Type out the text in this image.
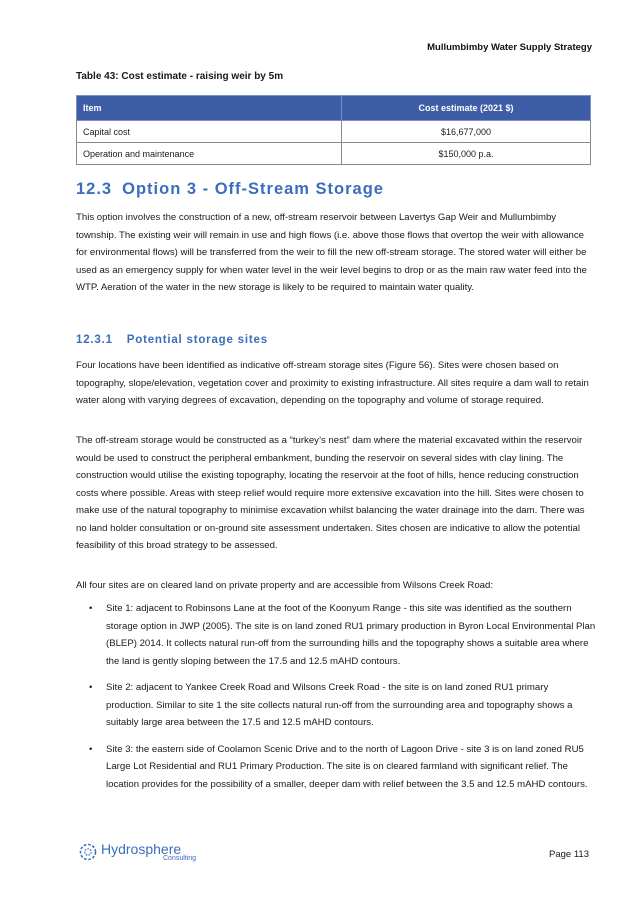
Mullumbimby Water Supply Strategy
Table 43: Cost estimate - raising weir by 5m
Item	Cost estimate (2021 $)
Capital cost	$16,677,000
Operation and maintenance	$150,000 p.a.
12.3 Option 3 - Off-Stream Storage

This option involves the construction of a new, off-stream reservoir between Lavertys Gap Weir and Mullumbimby township. The existing weir will remain in use and high flows (i.e. above those flows that overtop the weir with allowance for environmental flows) will be transferred from the weir to fill the new off-stream storage. The stored water will either be used as an emergency supply for when water level in the weir level begins to drop or as the main raw water feed into the WTP. Aeration of the water in the new storage is likely to be required to maintain water quality.

12.3.1 Potential storage sites

Four locations have been identified as indicative off-stream storage sites (Figure 56). Sites were chosen based on topography, slope/elevation, vegetation cover and proximity to existing infrastructure. All sites require a dam wall to retain water along with varying degrees of excavation, depending on the topography and volume of storage required.

The off-stream storage would be constructed as a “turkey’s nest” dam where the material excavated within the reservoir would be used to construct the peripheral embankment, bunding the reservoir on several sides with clay lining. The construction would utilise the existing topography, locating the reservoir at the foot of hills, hence reducing construction costs where possible. Areas with steep relief would require more extensive excavation into the hill. Sites were chosen to make use of the natural topography to minimise excavation whilst balancing the water drainage into the dam. There was no land holder consultation or on-ground site assessment undertaken. Sites chosen are indicative to allow the potential feasibility of this broad strategy to be assessed.

All four sites are on cleared land on private property and are accessible from Wilsons Creek Road:

• Site 1: adjacent to Robinsons Lane at the foot of the Koonyum Range - this site was identified as the southern storage option in JWP (2005). The site is on land zoned RU1 primary production in Byron Local Environmental Plan (BLEP) 2014. It collects natural run-off from the surrounding hills and the topography shows a suitable area where the land is gently sloping between the 17.5 and 12.5 mAHD contours.
• Site 2: adjacent to Yankee Creek Road and Wilsons Creek Road - the site is on land zoned RU1 primary production. Similar to site 1 the site collects natural run-off from the surrounding area and topography shows a suitably large area between the 17.5 and 12.5 mAHD contours.
• Site 3: the eastern side of Coolamon Scenic Drive and to the north of Lagoon Drive - site 3 is on land zoned RU5 Large Lot Residential and RU1 Primary Production. The site is on cleared farmland with significant relief. The location provides for the possibility of a smaller, deeper dam with relief between the 3.5 and 12.5 mAHD contours.
Hydrosphere
Consulting	Page 113
